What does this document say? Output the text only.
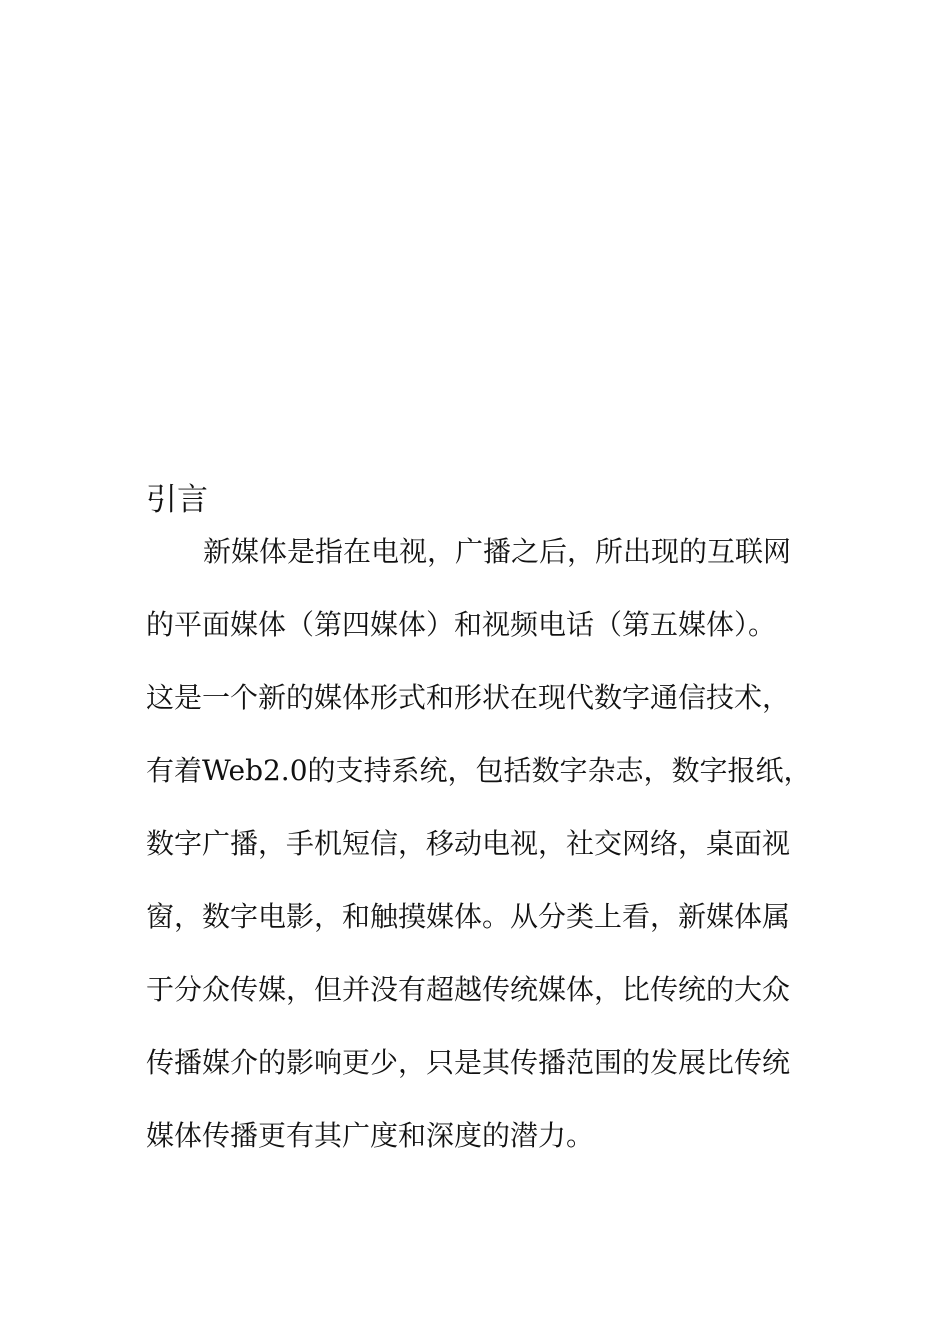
引言
新媒体是指在电视，广播之后，所出现的互联网
的平面媒体（第四媒体）和视频电话（第五媒体）。
这是一个新的媒体形式和形状在现代数字通信技术，
有着Web2.0的支持系统，包括数字杂志，数字报纸，
数字广播，手机短信，移动电视，社交网络，桌面视
窗，数字电影，和触摸媒体。从分类上看，新媒体属
于分众传媒，但并没有超越传统媒体，比传统的大众
传播媒介的影响更少，只是其传播范围的发展比传统
媒体传播更有其广度和深度的潜力。
